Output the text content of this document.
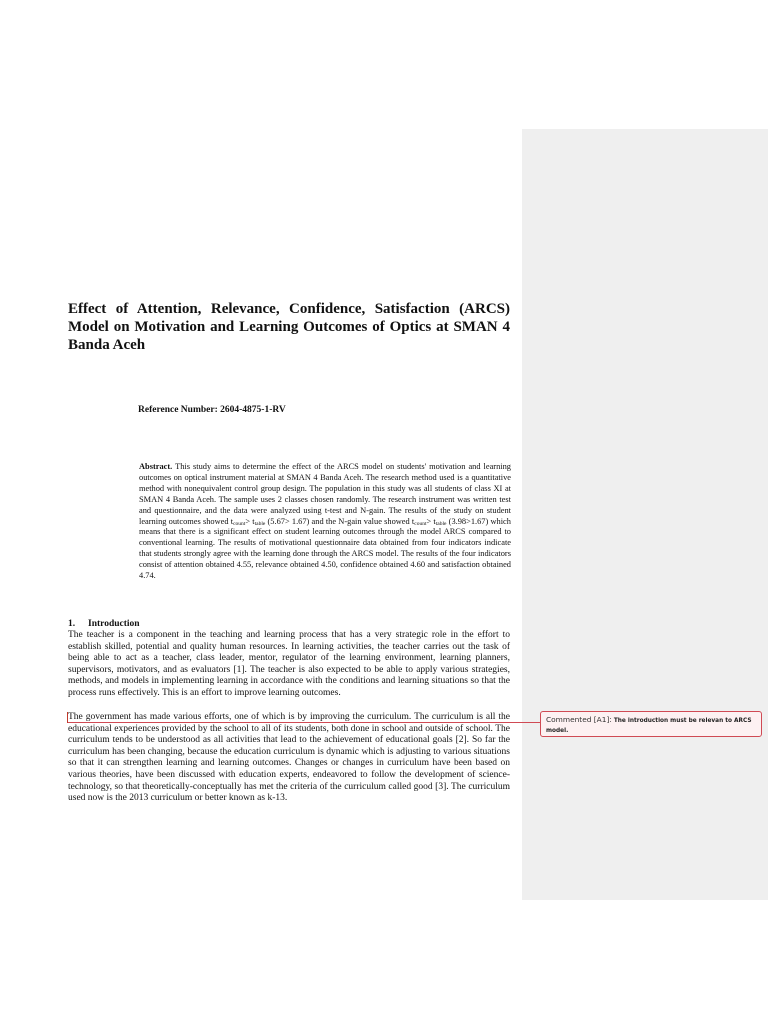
Effect of Attention, Relevance, Confidence, Satisfaction (ARCS) Model on Motivation and Learning Outcomes of Optics at SMAN 4 Banda Aceh
Reference Number: 2604-4875-1-RV
Abstract. This study aims to determine the effect of the ARCS model on students' motivation and learning outcomes on optical instrument material at SMAN 4 Banda Aceh. The research method used is a quantitative method with nonequivalent control group design. The population in this study was all students of class XI at SMAN 4 Banda Aceh. The sample uses 2 classes chosen randomly. The research instrument was written test and questionnaire, and the data were analyzed using t-test and N-gain. The results of the study on student learning outcomes showed $t_{count}> t_{table}$ (5.67> 1.67) and the N-gain value showed $t_{count}> t_{table}$ (3.98>1.67) which means that there is a significant effect on student learning outcomes through the model ARCS compared to conventional learning. The results of motivational questionnaire data obtained from four indicators indicate that students strongly agree with the learning done through the ARCS model. The results of the four indicators consist of attention obtained 4.55, relevance obtained 4.50, confidence obtained 4.60 and satisfaction obtained 4.74.
1. Introduction
The teacher is a component in the teaching and learning process that has a very strategic role in the effort to establish skilled, potential and quality human resources. In learning activities, the teacher carries out the task of being able to act as a teacher, class leader, mentor, regulator of the learning environment, learning planners, supervisors, motivators, and as evaluators [1]. The teacher is also expected to be able to apply various strategies, methods, and models in implementing learning in accordance with the conditions and learning situations so that the process runs effectively. This is an effort to improve learning outcomes.
The government has made various efforts, one of which is by improving the curriculum. The curriculum is all the educational experiences provided by the school to all of its students, both done in school and outside of school. The curriculum tends to be understood as all activities that lead to the achievement of educational goals [2]. So far the curriculum has been changing, because the education curriculum is dynamic which is adjusting to various situations so that it can strengthen learning and learning outcomes. Changes or changes in curriculum have been based on various theories, have been discussed with education experts, endeavored to follow the development of science-technology, so that theoretically-conceptually has met the criteria of the curriculum called good [3]. The curriculum used now is the 2013 curriculum or better known as k-13.
Commented [A1]: The introduction must be relevan to ARCS model.
